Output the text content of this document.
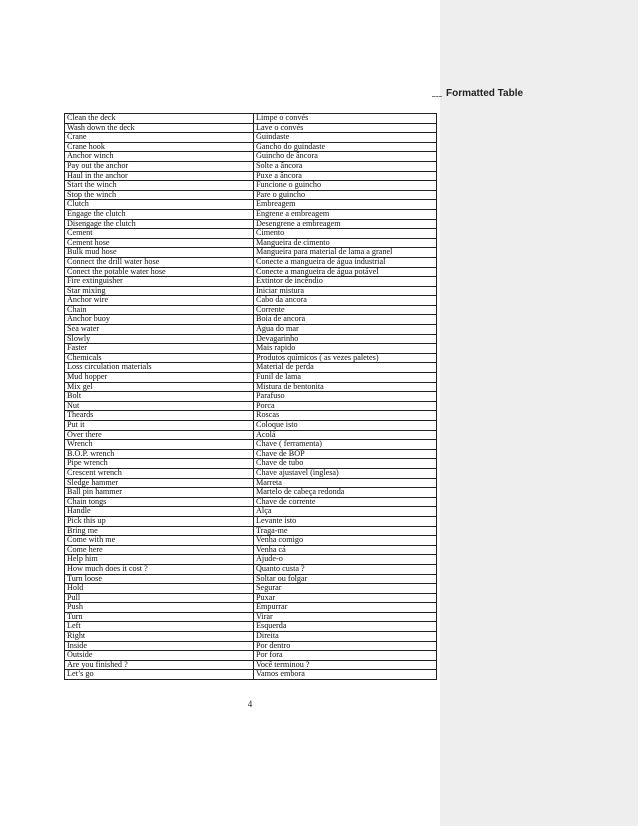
Formatted Table
Clean the deck	Limpe o convés
Wash down the deck	Lave o convés
Crane	Guindaste
Crane hook	Gancho do guindaste
Anchor winch	Guincho de âncora
Pay out the anchor	Solte a âncora
Haul in the anchor	Puxe a âncora
Start the winch	Funcione o guincho
Stop the winch	Pare o guincho
Clutch	Embreagem
Engage the clutch	Engrene a embreagem
Disengage the clutch	Desengrene a embreagem
Cement	Cimento
Cement hose	Mangueira de cimento
Bulk mud hose	Mangueira para material de lama a granel
Connect the drill water hose	Conecte a mangueira de água industrial
Conect the potable water hose	Conecte a mangueira de água potável
Fire extinguisher	Extintor de incêndio
Star mixing	Iniciar mistura
Anchor wire	Cabo da ancora
Chain	Corrente
Anchor buoy	Boia de ancora
Sea water	Agua do mar
Slowly	Devagarinho
Faster	Mais rapido
Chemicals	Produtos químicos ( as vezes paletes)
Loss circulation materials	Material de perda
Mud hopper	Funil de lama
Mix gel	Mistura de bentonita
Bolt	Parafuso
Nut	Porca
Theards	Roscas
Put it	Coloque isto
Over there	Acolá
Wrench	Chave ( ferramenta)
B.O.P. wrench	Chave de BOP
Pipe wrench	Chave de tubo
Crescent wrench	Chave ajustavel (inglesa)
Sledge hammer	Marreta
Ball pin hammer	Martelo de cabeça redonda
Chain tongs	Chave de corrente
Handle	Alça
Pick this up	Levante isto
Bring me	Traga-me
Come with me	Venha comigo
Come here	Venha cá
Help him	Ajude-o
How much does it cost ?	Quanto custa ?
Turn loose	Soltar ou folgar
Hold	Segurar
Pull	Puxar
Push	Empurrar
Turn	Virar
Left	Esquerda
Right	Direita
Inside	Por dentro
Outside	Por fora
Are you finished ?	Você terminou ?
Let’s go	Vamos embora
4
